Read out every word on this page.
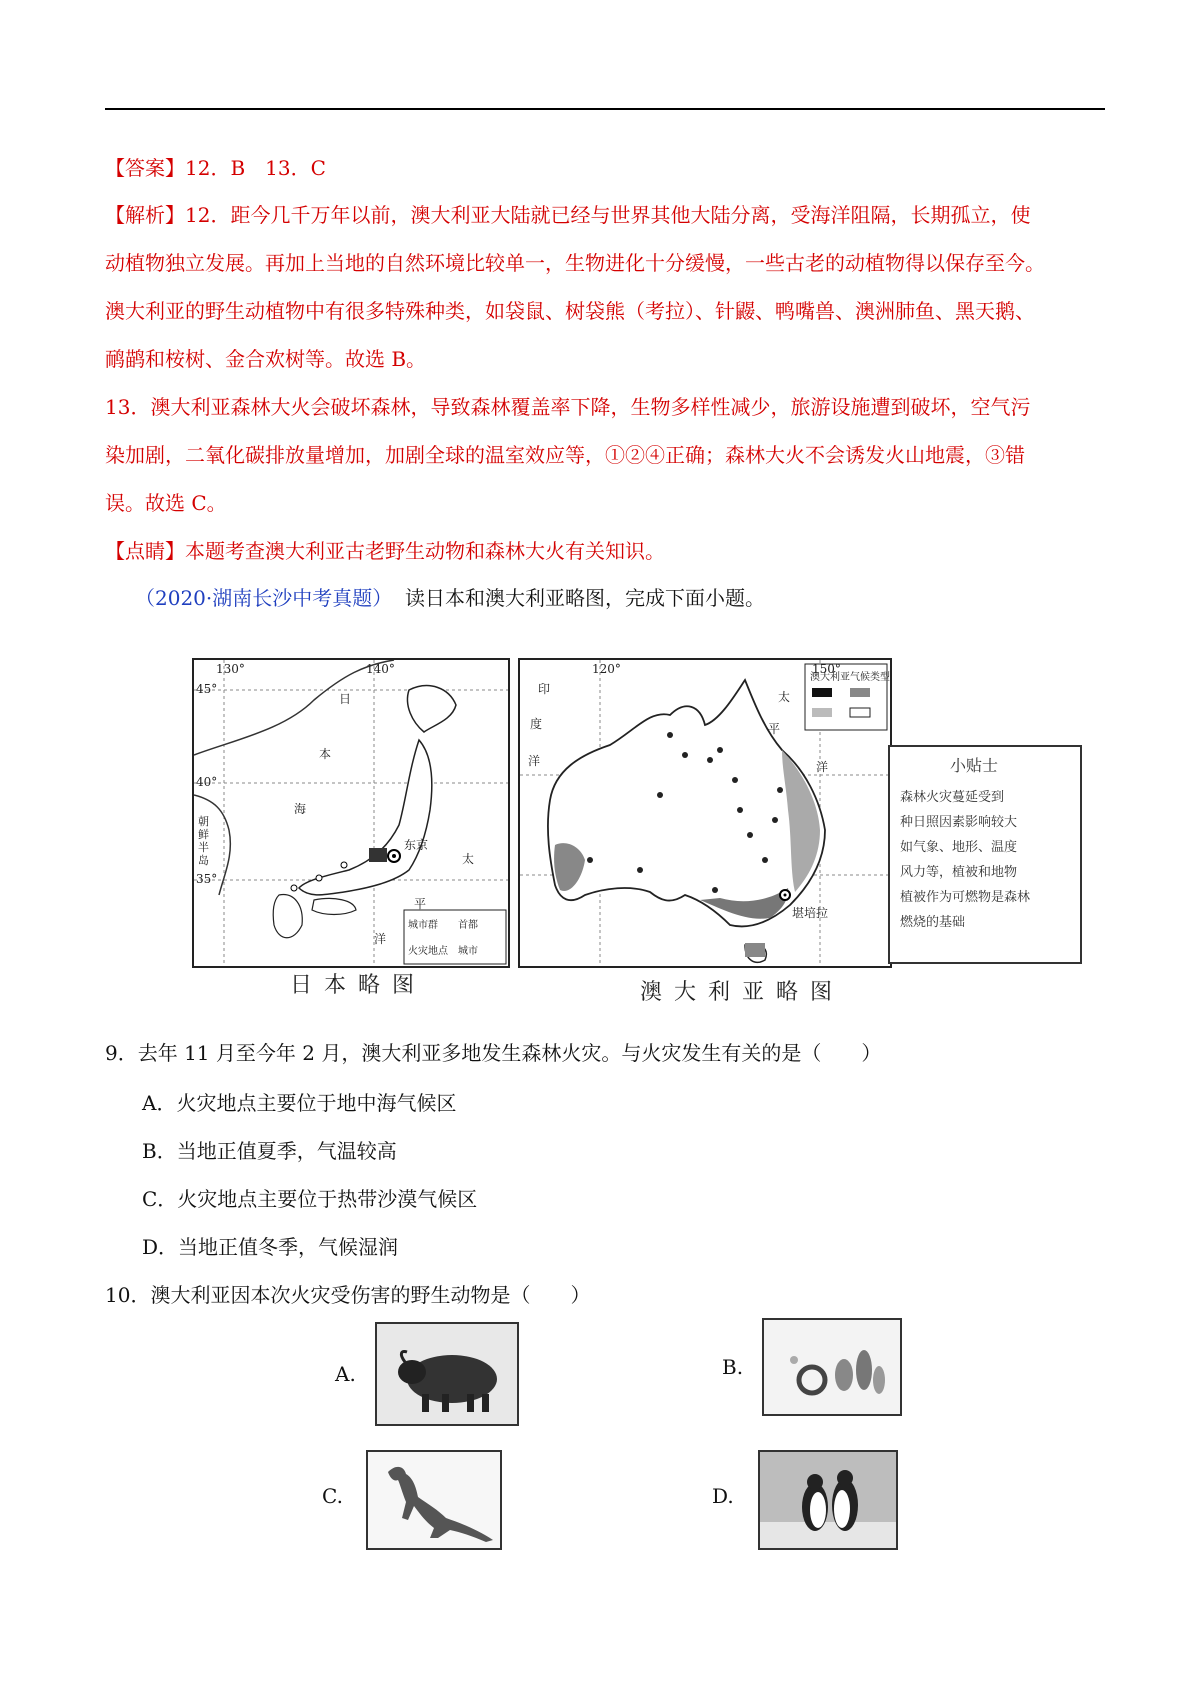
【答案】12．B　13．C
【解析】12．距今几千万年以前，澳大利亚大陆就已经与世界其他大陆分离，受海洋阻隔，长期孤立，使
动植物独立发展。再加上当地的自然环境比较单一，生物进化十分缓慢，一些古老的动植物得以保存至今。
澳大利亚的野生动植物中有很多特殊种类，如袋鼠、树袋熊（考拉）、针鼹、鸭嘴兽、澳洲肺鱼、黑天鹅、
鸸鹋和桉树、金合欢树等。故选 B。
13．澳大利亚森林大火会破坏森林，导致森林覆盖率下降，生物多样性减少，旅游设施遭到破坏，空气污
染加剧，二氧化碳排放量增加，加剧全球的温室效应等，①②④正确；森林大火不会诱发火山地震，③错
误。故选 C。
【点睛】本题考查澳大利亚古老野生动物和森林大火有关知识。
（2020·湖南长沙中考真题） 读日本和澳大利亚略图，完成下面小题。
130°	140°
45°
40°
35°
日
本
海
太
平
洋
朝鲜半岛
东京
城市群 首都
火灾地点 城市
日本略图
120°	150°
印
度
洋
太
平
洋
堪培拉
澳大利亚气候类型
小贴士
森林火灾蔓延受到
种日照因素影响较大
如气象、地形、温度
风力等，植被和地物
植被作为可燃物是森林
燃烧的基础
澳大利亚略图
9．去年 11 月至今年 2 月，澳大利亚多地发生森林火灾。与火灾发生有关的是（　　）
A．火灾地点主要位于地中海气候区
B．当地正值夏季，气温较高
C．火灾地点主要位于热带沙漠气候区
D．当地正值冬季，气候湿润
10．澳大利亚因本次火灾受伤害的野生动物是（　　）
A.	B.
C.	D.
